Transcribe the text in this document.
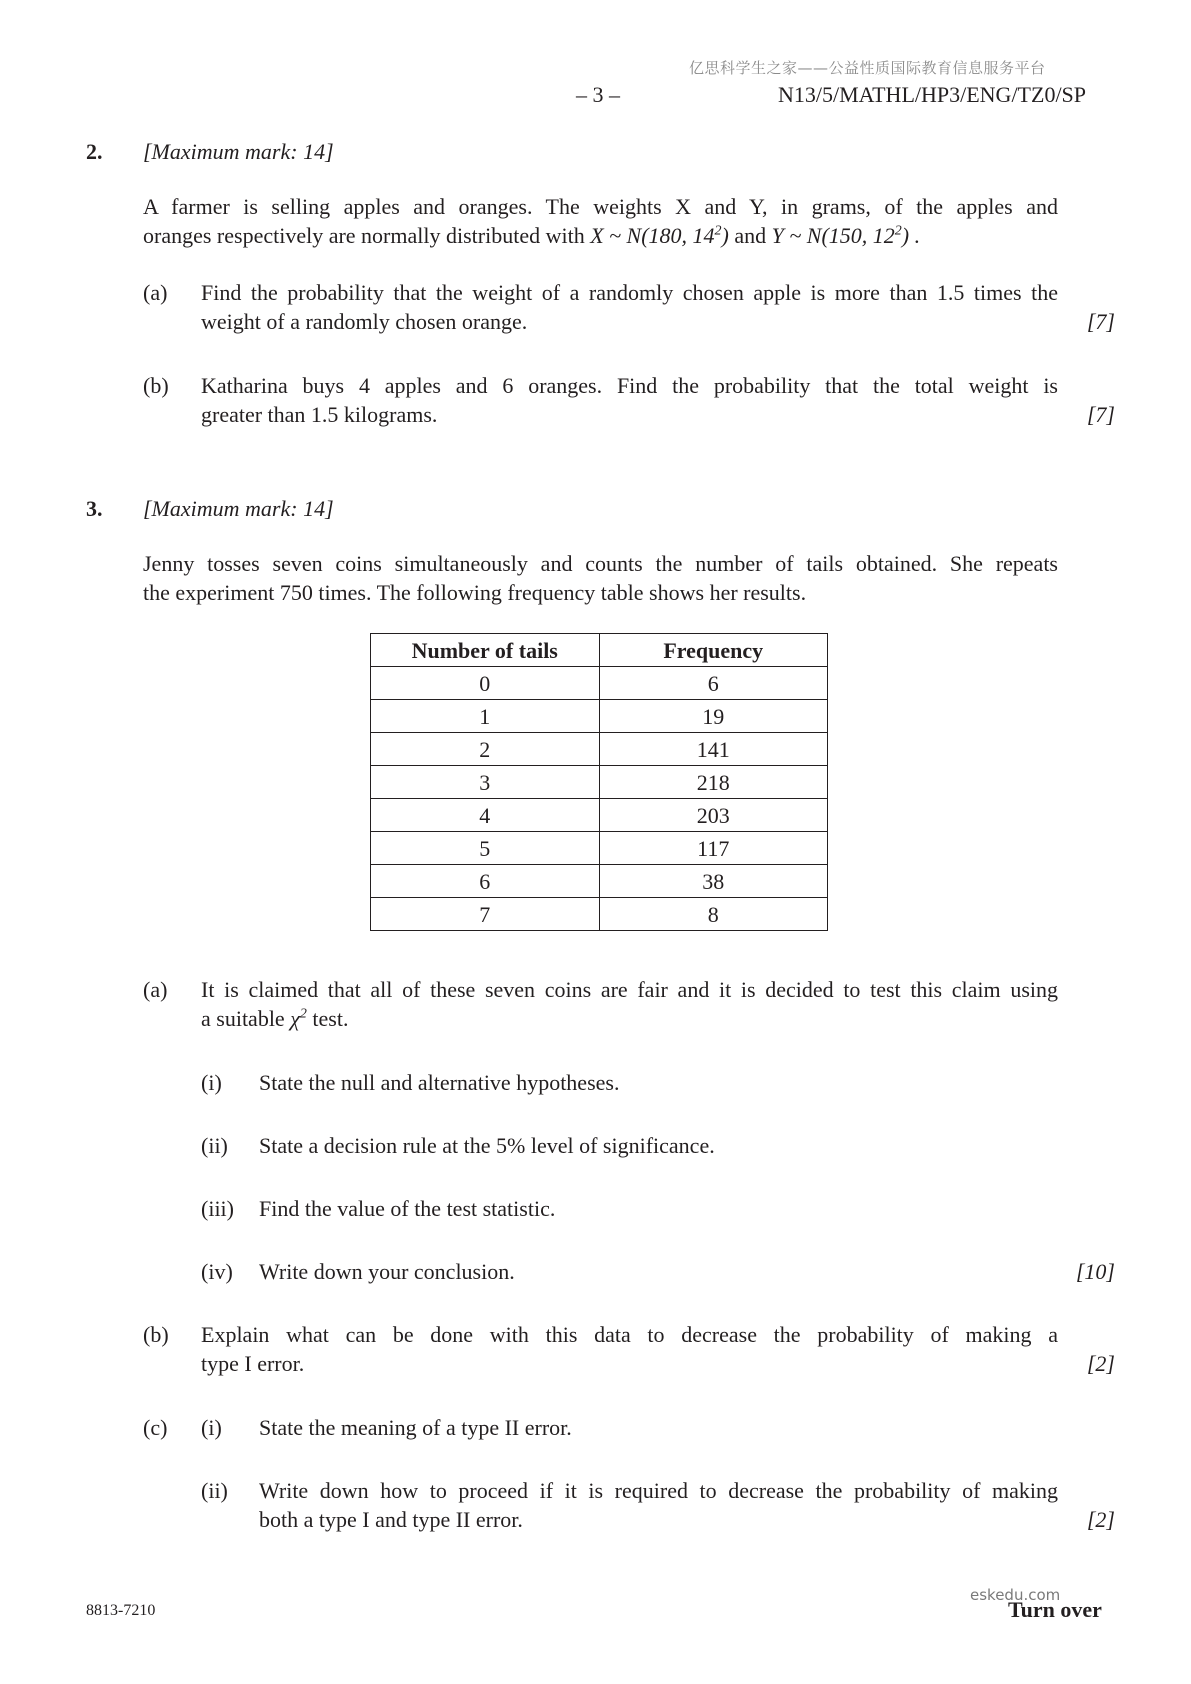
亿思科学生之家——公益性质国际教育信息服务平台
– 3 –	N13/5/MATHL/HP3/ENG/TZ0/SP
2. [Maximum mark: 14]
A farmer is selling apples and oranges. The weights X and Y, in grams, of the apples and
oranges respectively are normally distributed with X ~ N(180, $14^2$) and Y ~ N(150, $12^2$) .
(a) Find the probability that the weight of a randomly chosen apple is more than 1.5 times the
weight of a randomly chosen orange.	[7]
(b) Katharina buys 4 apples and 6 oranges. Find the probability that the total weight is
greater than 1.5 kilograms.	[7]
3. [Maximum mark: 14]
Jenny tosses seven coins simultaneously and counts the number of tails obtained. She repeats
the experiment 750 times. The following frequency table shows her results.
Number of tails	Frequency
0	6
1	19
2	141
3	218
4	203
5	117
6	38
7	8
(a) It is claimed that all of these seven coins are fair and it is decided to test this claim using
a suitable $\chi^2$ test.
(i) State the null and alternative hypotheses.
(ii) State a decision rule at the 5% level of significance.
(iii) Find the value of the test statistic.
(iv) Write down your conclusion.	[10]
(b) Explain what can be done with this data to decrease the probability of making a
type I error.	[2]
(c) (i) State the meaning of a type II error.
(ii) Write down how to proceed if it is required to decrease the probability of making
both a type I and type II error.	[2]
8813-7210	Turn over
eskedu.com
